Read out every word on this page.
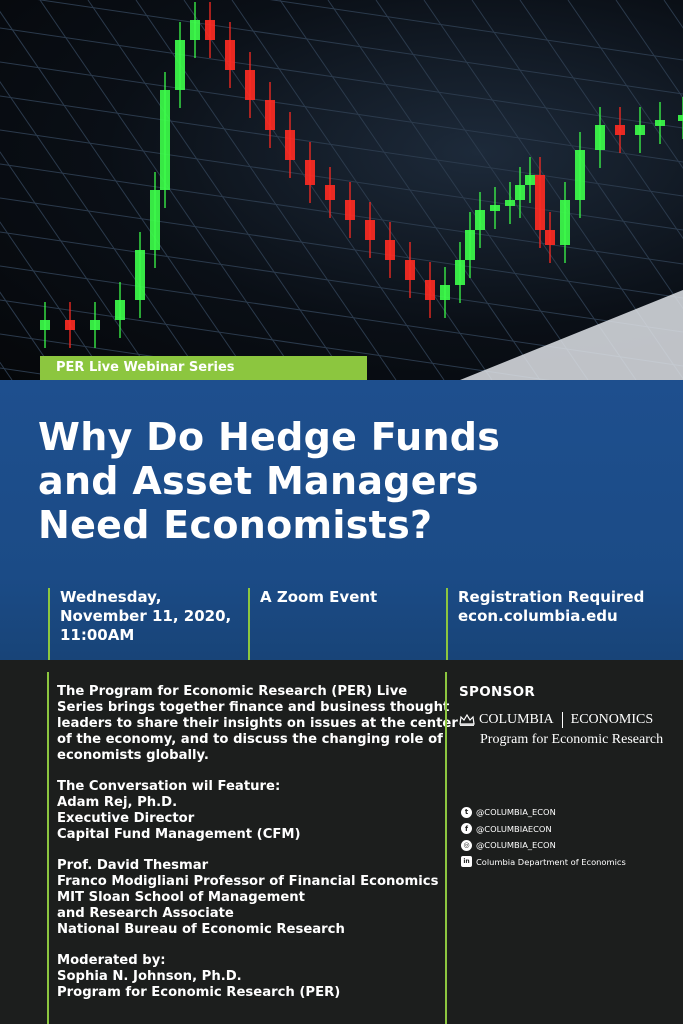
PER Live Webinar Series
Why Do Hedge Funds
and Asset Managers
Need Economists?
Wednesday,
November 11, 2020,
11:00AM
A Zoom Event	Registration Required
econ.columbia.edu

The Program for Economic Research (PER) Live
Series brings together finance and business thought
leaders to share their insights on issues at the center
of the economy, and to discuss the changing role of
economists globally.

The Conversation wil Feature:
Adam Rej, Ph.D.
Executive Director
Capital Fund Management (CFM)

Prof. David Thesmar
Franco Modigliani Professor of Financial Economics
MIT Sloan School of Management
and Research Associate
National Bureau of Economic Research

Moderated by:
Sophia N. Johnson, Ph.D.
Program for Economic Research (PER)

SPONSOR
COLUMBIA ECONOMICS
Program for Economic Research
t @COLUMBIA_ECON
f @COLUMBIAECON
◎ @COLUMBIA_ECON
in Columbia Department of Economics
